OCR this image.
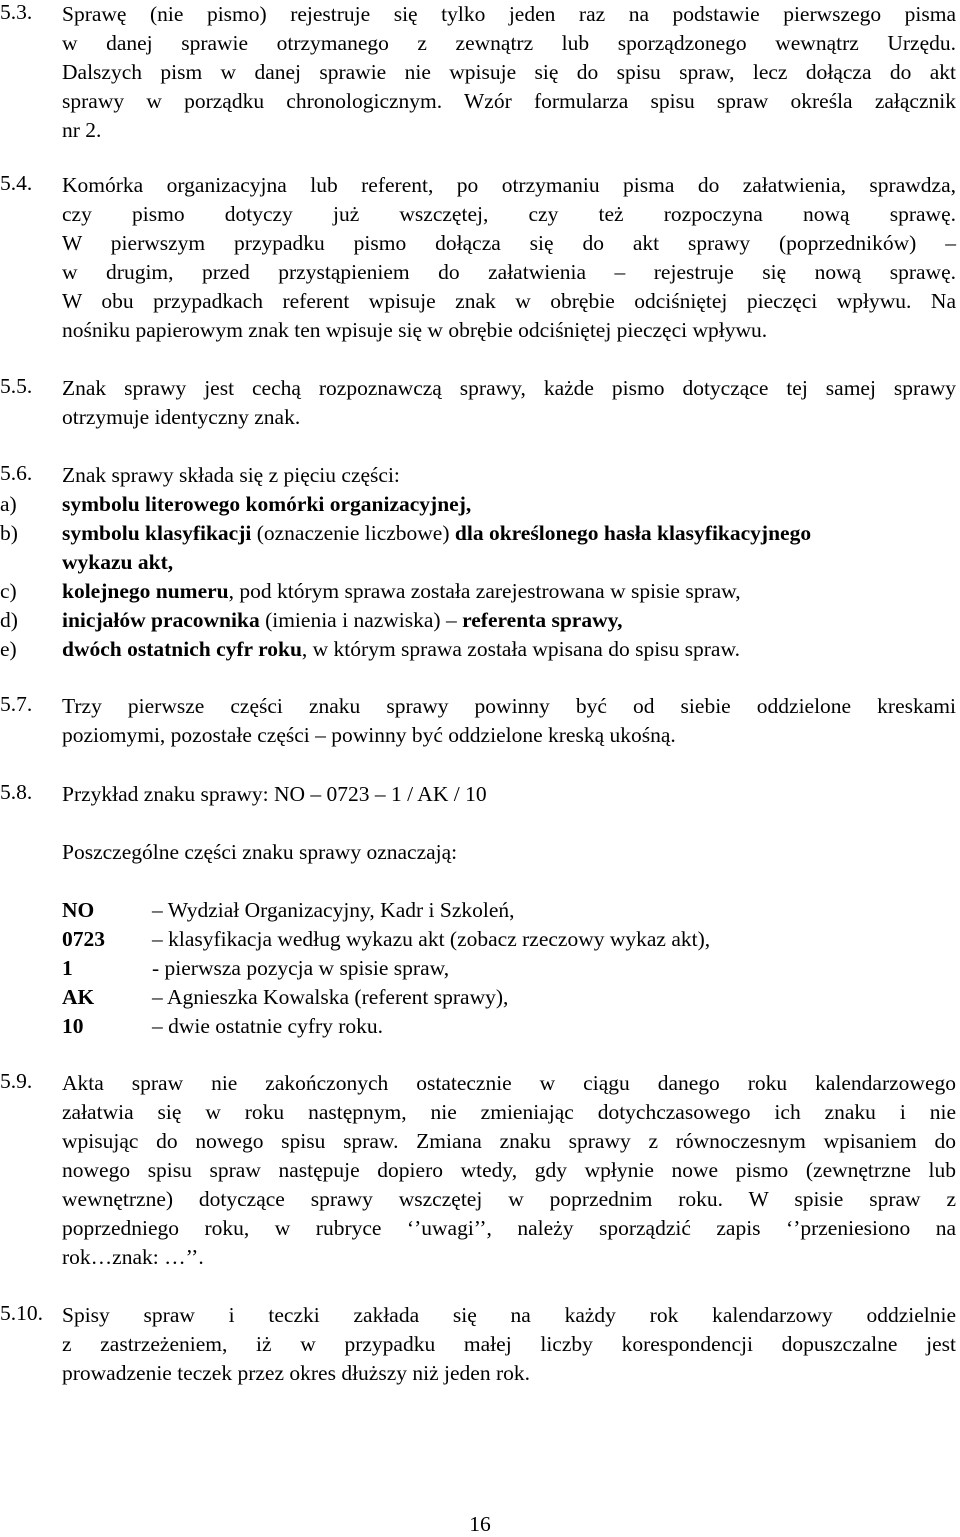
5.3. Sprawę (nie pismo) rejestruje się tylko jeden raz na podstawie pierwszego pisma
w danej sprawie otrzymanego z zewnątrz lub sporządzonego wewnątrz Urzędu.
Dalszych pism w danej sprawie nie wpisuje się do spisu spraw, lecz dołącza do akt
sprawy w porządku chronologicznym. Wzór formularza spisu spraw określa załącznik
nr 2.
5.4. Komórka organizacyjna lub referent, po otrzymaniu pisma do załatwienia, sprawdza,
czy pismo dotyczy już wszczętej, czy też rozpoczyna nową sprawę.
W pierwszym przypadku pismo dołącza się do akt sprawy (poprzedników) –
w drugim, przed przystąpieniem do załatwienia – rejestruje się nową sprawę.
W obu przypadkach referent wpisuje znak w obrębie odciśniętej pieczęci wpływu. Na
nośniku papierowym znak ten wpisuje się w obrębie odciśniętej pieczęci wpływu.
5.5. Znak sprawy jest cechą rozpoznawczą sprawy, każde pismo dotyczące tej samej sprawy
otrzymuje identyczny znak.
5.6. Znak sprawy składa się z pięciu części:
a) symbolu literowego komórki organizacyjnej,
b) symbolu klasyfikacji (oznaczenie liczbowe) dla określonego hasła klasyfikacyjnego
wykazu akt,
c) kolejnego numeru, pod którym sprawa została zarejestrowana w spisie spraw,
d) inicjałów pracownika (imienia i nazwiska) – referenta sprawy,
e) dwóch ostatnich cyfr roku, w którym sprawa została wpisana do spisu spraw.
5.7. Trzy pierwsze części znaku sprawy powinny być od siebie oddzielone kreskami
poziomymi, pozostałe części – powinny być oddzielone kreską ukośną.
5.8. Przykład znaku sprawy: NO – 0723 – 1 / AK / 10
Poszczególne części znaku sprawy oznaczają:
NO	– Wydział Organizacyjny, Kadr i Szkoleń,
0723 – klasyfikacja według wykazu akt (zobacz rzeczowy wykaz akt),
1	- pierwsza pozycja w spisie spraw,
AK	– Agnieszka Kowalska (referent sprawy),
10	– dwie ostatnie cyfry roku.
5.9. Akta spraw nie zakończonych ostatecznie w ciągu danego roku kalendarzowego
załatwia się w roku następnym, nie zmieniając dotychczasowego ich znaku i nie
wpisując do nowego spisu spraw. Zmiana znaku sprawy z równoczesnym wpisaniem do
nowego spisu spraw następuje dopiero wtedy, gdy wpłynie nowe pismo (zewnętrzne lub
wewnętrzne) dotyczące sprawy wszczętej w poprzednim roku. W spisie spraw z
poprzedniego roku, w rubryce ‘’uwagi’’, należy sporządzić zapis ‘’przeniesiono na
rok…znak: …’’.
5.10. Spisy spraw i teczki zakłada się na każdy rok kalendarzowy oddzielnie
z zastrzeżeniem, iż w przypadku małej liczby korespondencji dopuszczalne jest
prowadzenie teczek przez okres dłuższy niż jeden rok.
16
